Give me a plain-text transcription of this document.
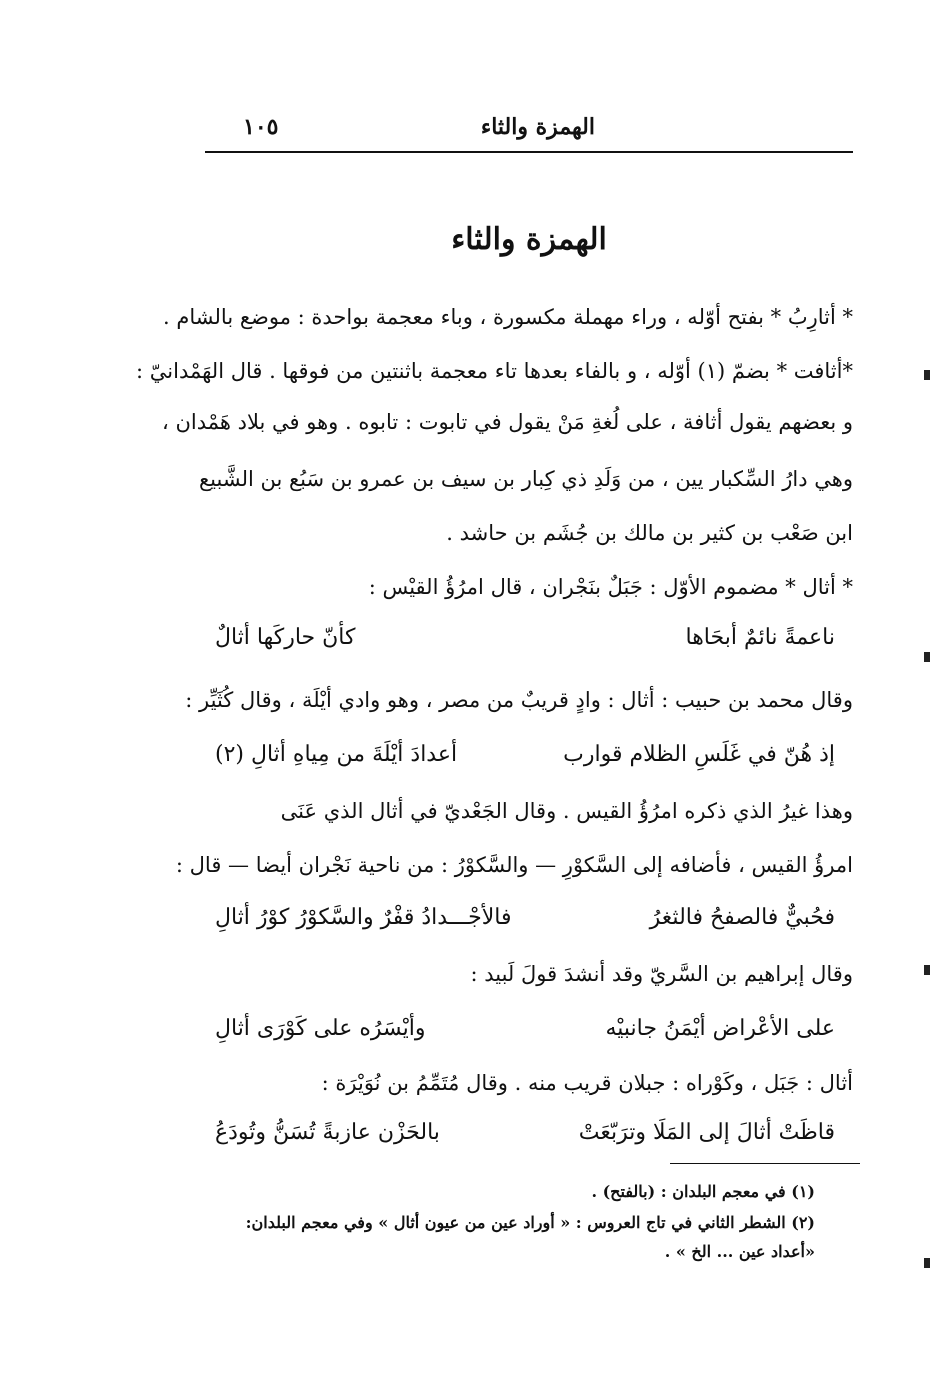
الهمزة والثاء
١٠٥
الهمزة والثاء
* أثارِبُ * بفتح أوّله ، وراء مهملة مكسورة ، وباء معجمة بواحدة : موضع بالشام .
*أثافت * بضمّ (١) أوّله ، و بالفاء بعدها تاء معجمة باثنتين من فوقها . قال الهَمْدانيّ :
و بعضهم يقول أثافة ، على لُغةِ مَنْ يقول في تابوت : تابوه . وهو في بلاد هَمْدان ،
وهي دارُ السِّكبار يين ، من وَلَدِ ذي كِبار بن سيف بن عمرو بن سَبُع بن الشَّبيع
ابن صَعْب بن كثير بن مالك بن جُشَم بن حاشد .
* أثال * مضموم الأوّل : جَبَلٌ بنَجْران ، قال امرُؤُ القيْس :
ناعمةً نائمٌ أبحَاها
كأنّ حاركَها أثالٌ
وقال محمد بن حبيب : أثال : وادٍ قريبٌ من مصر ، وهو وادي أيْلَة ، وقال كُثَيِّر :
إذ هُنّ في غَلَسِ الظلام قوارب
أعدادَ أيْلَةَ من مِياهِ أثالِ (٢)
وهذا غيرُ الذي ذكره امرُؤُ القيس . وقال الجَعْديّ في أثال الذي عَنَى
امرؤُ القيس ، فأضافه إلى السَّكوْرِ — والسَّكوْرُ : من ناحية نَجْران أيضا — قال :
فحُبيٌّ فالصفحُ فالثغرُ
فالأجْـــدادُ قفْرٌ والسَّكوْرُ كوْرُ أثالِ
وقال إبراهيم بن السَّريّ وقد أنشدَ قولَ لَبيد :
على الأعْراض أيْمَنُ جانبيْه
وأيْسَرُه على كَوْرَى أثالِ
أثال : جَبَل ، وكَوْراه : جبلان قريب منه . وقال مُتَمِّمُ بن نُوَيْرَة :
قاظَتْ أثالَ إلى المَلَا وترَبّعَتْ
بالحَزْن عازبةً تُسَنُّ وتُودَعُ
(١) في معجم البلدان : (بالفتح) .
(٢) الشطر الثاني في تاج العروس : « أوراد عين من عيون أثال » وفي معجم البلدان:
«أعداد عين ... الخ » .
